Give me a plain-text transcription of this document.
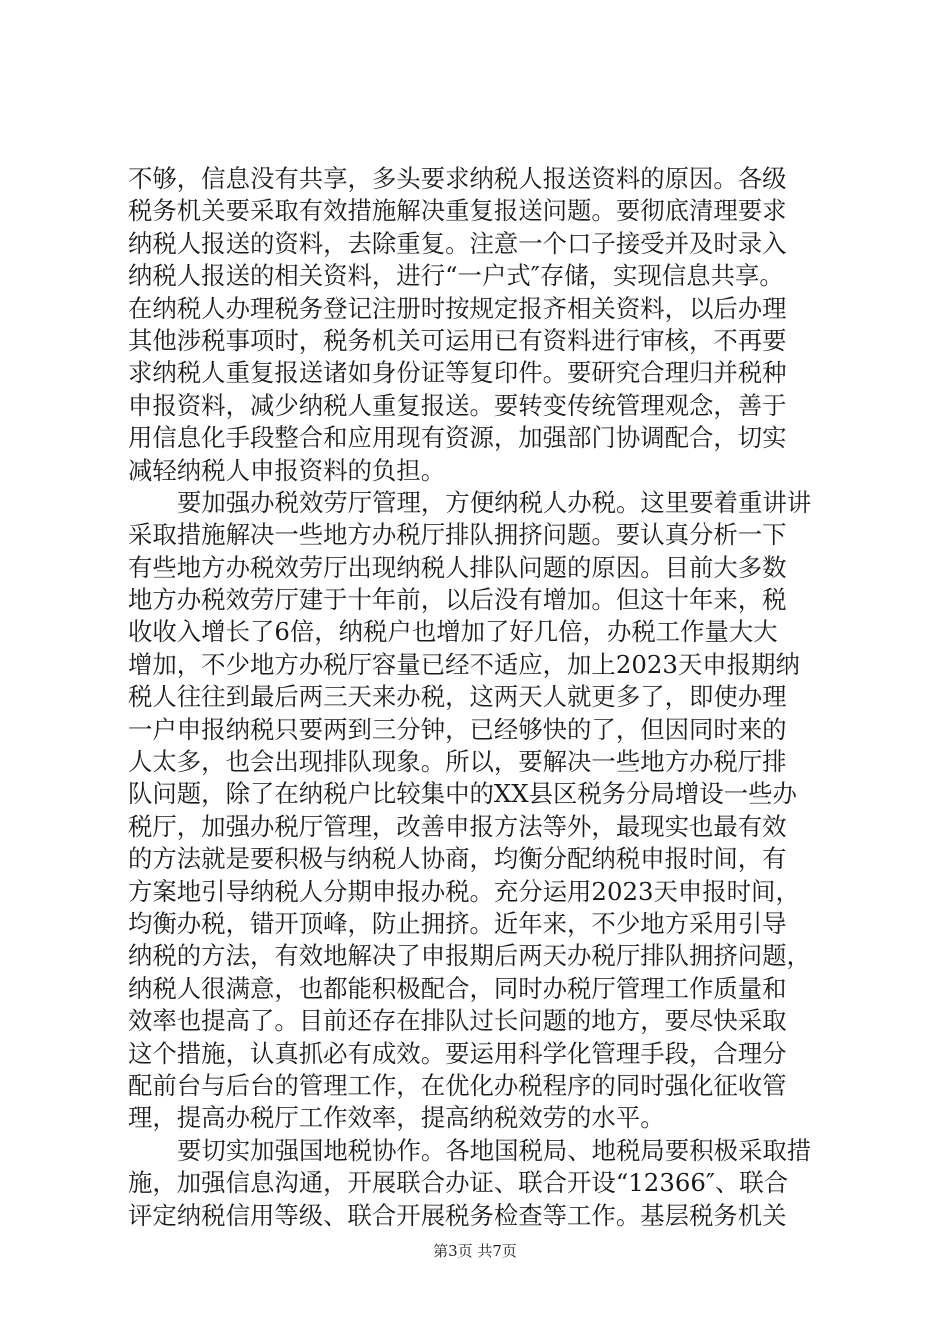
不够，信息没有共享，多头要求纳税人报送资料的原因。各级
税务机关要采取有效措施解决重复报送问题。要彻底清理要求
纳税人报送的资料，去除重复。注意一个口子接受并及时录入
纳税人报送的相关资料，进行“一户式″存储，实现信息共享。
在纳税人办理税务登记注册时按规定报齐相关资料，以后办理
其他涉税事项时，税务机关可运用已有资料进行审核，不再要
求纳税人重复报送诸如身份证等复印件。要研究合理归并税种
申报资料，减少纳税人重复报送。要转变传统管理观念，善于
用信息化手段整合和应用现有资源，加强部门协调配合，切实
减轻纳税人申报资料的负担。
要加强办税效劳厅管理，方便纳税人办税。这里要着重讲讲
采取措施解决一些地方办税厅排队拥挤问题。要认真分析一下
有些地方办税效劳厅出现纳税人排队问题的原因。目前大多数
地方办税效劳厅建于十年前，以后没有增加。但这十年来，税
收收入增长了6倍，纳税户也增加了好几倍，办税工作量大大
增加，不少地方办税厅容量已经不适应，加上2023天申报期纳
税人往往到最后两三天来办税，这两天人就更多了，即使办理
一户申报纳税只要两到三分钟，已经够快的了，但因同时来的
人太多，也会出现排队现象。所以，要解决一些地方办税厅排
队问题，除了在纳税户比较集中的XX县区税务分局增设一些办
税厅，加强办税厅管理，改善申报方法等外，最现实也最有效
的方法就是要积极与纳税人协商，均衡分配纳税申报时间，有
方案地引导纳税人分期申报办税。充分运用2023天申报时间，
均衡办税，错开顶峰，防止拥挤。近年来，不少地方采用引导
纳税的方法，有效地解决了申报期后两天办税厅排队拥挤问题，
纳税人很满意，也都能积极配合，同时办税厅管理工作质量和
效率也提高了。目前还存在排队过长问题的地方，要尽快采取
这个措施，认真抓必有成效。要运用科学化管理手段，合理分
配前台与后台的管理工作，在优化办税程序的同时强化征收管
理，提高办税厅工作效率，提高纳税效劳的水平。
要切实加强国地税协作。各地国税局、地税局要积极采取措
施，加强信息沟通，开展联合办证、联合开设“12366″、联合
评定纳税信用等级、联合开展税务检查等工作。基层税务机关
第3页 共7页
